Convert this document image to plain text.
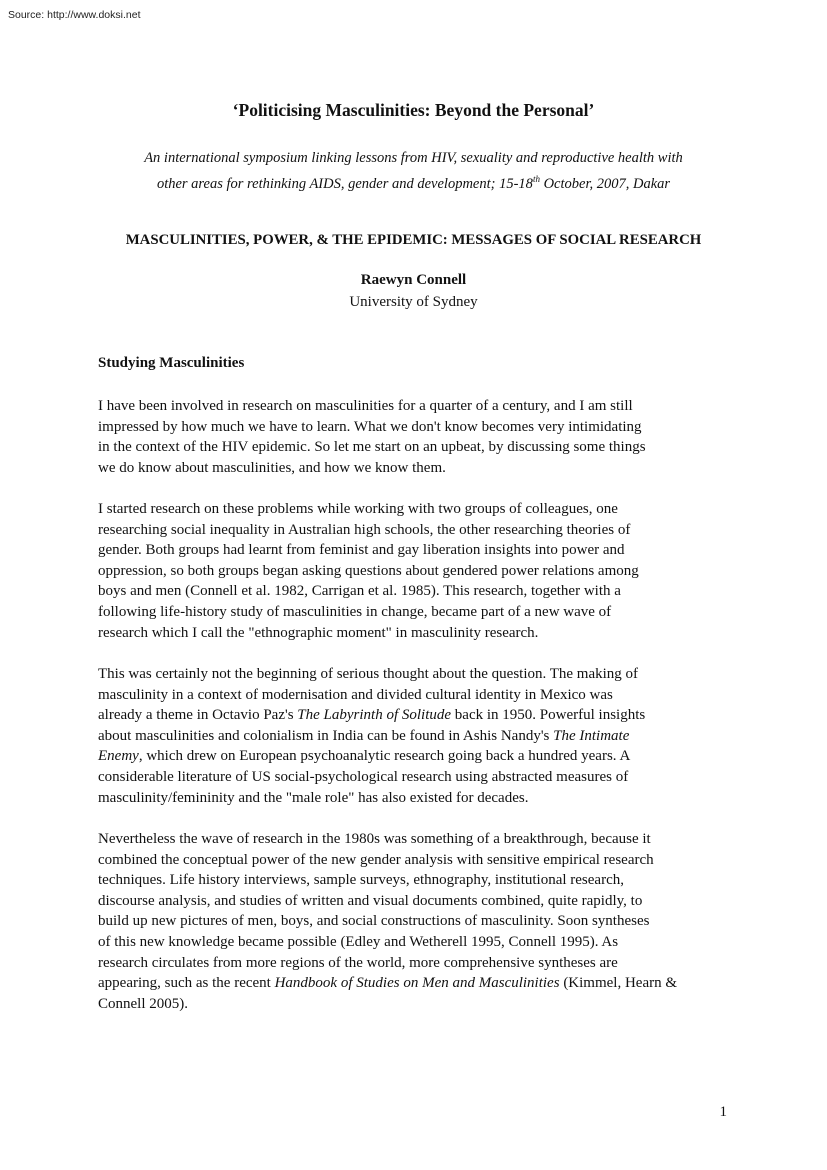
Source: http://www.doksi.net
‘Politicising Masculinities: Beyond the Personal’
An international symposium linking lessons from HIV, sexuality and reproductive health with
other areas for rethinking AIDS, gender and development; 15-18th October, 2007, Dakar
MASCULINITIES, POWER, & THE EPIDEMIC: MESSAGES OF SOCIAL RESEARCH
Raewyn Connell
University of Sydney
Studying Masculinities

I have been involved in research on masculinities for a quarter of a century, and I am still
impressed by how much we have to learn. What we don't know becomes very intimidating
in the context of the HIV epidemic. So let me start on an upbeat, by discussing some things
we do know about masculinities, and how we know them.

I started research on these problems while working with two groups of colleagues, one
researching social inequality in Australian high schools, the other researching theories of
gender. Both groups had learnt from feminist and gay liberation insights into power and
oppression, so both groups began asking questions about gendered power relations among
boys and men (Connell et al. 1982, Carrigan et al. 1985). This research, together with a
following life-history study of masculinities in change, became part of a new wave of
research which I call the "ethnographic moment" in masculinity research.

This was certainly not the beginning of serious thought about the question. The making of
masculinity in a context of modernisation and divided cultural identity in Mexico was
already a theme in Octavio Paz's The Labyrinth of Solitude back in 1950. Powerful insights
about masculinities and colonialism in India can be found in Ashis Nandy's The Intimate
Enemy, which drew on European psychoanalytic research going back a hundred years. A
considerable literature of US social-psychological research using abstracted measures of
masculinity/femininity and the "male role" has also existed for decades.

Nevertheless the wave of research in the 1980s was something of a breakthrough, because it
combined the conceptual power of the new gender analysis with sensitive empirical research
techniques. Life history interviews, sample surveys, ethnography, institutional research,
discourse analysis, and studies of written and visual documents combined, quite rapidly, to
build up new pictures of men, boys, and social constructions of masculinity. Soon syntheses
of this new knowledge became possible (Edley and Wetherell 1995, Connell 1995). As
research circulates from more regions of the world, more comprehensive syntheses are
appearing, such as the recent Handbook of Studies on Men and Masculinities (Kimmel, Hearn &
Connell 2005).

1
